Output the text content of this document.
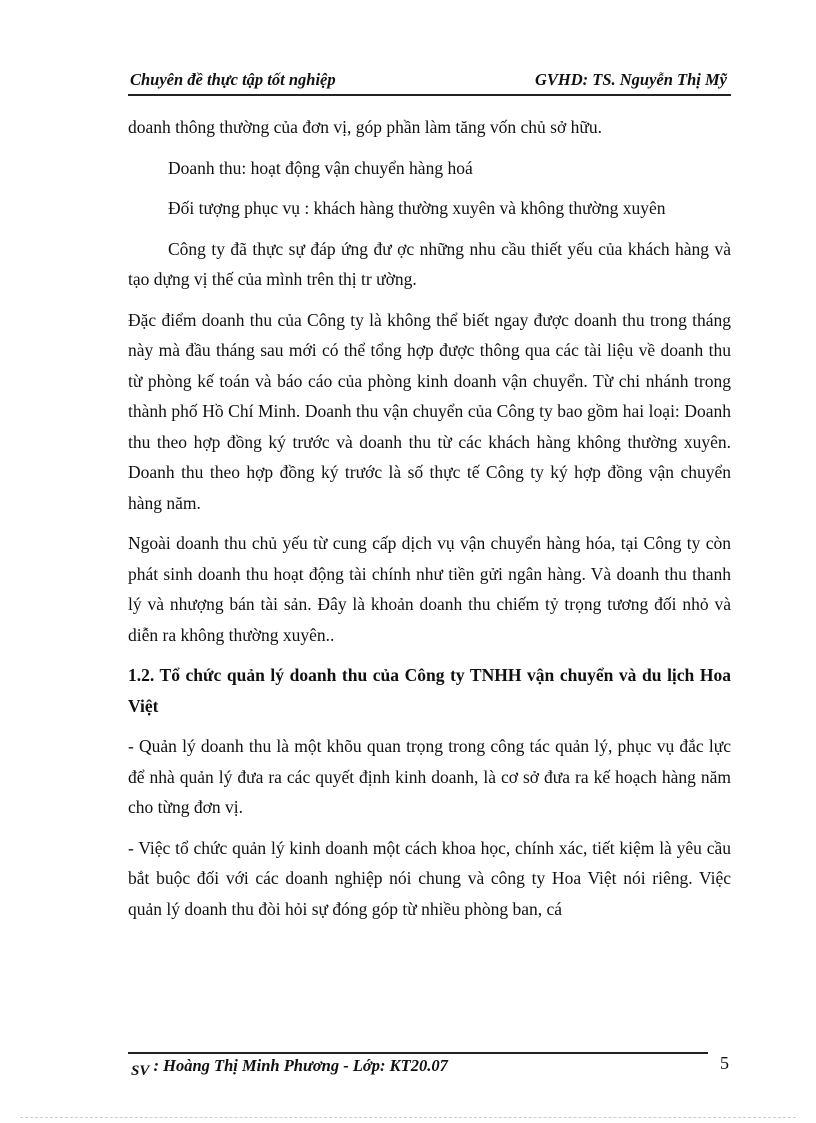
Chuyên đề thực tập tốt nghiệp	GVHD: TS. Nguyễn Thị Mỹ

doanh thông thường của đơn vị, góp phần làm tăng vốn chủ sở hữu.

Doanh thu: hoạt động vận chuyển hàng hoá

Đối tượng phục vụ : khách hàng thường xuyên và không thường xuyên

Công ty đã thực sự đáp ứng đư ợc những nhu cầu thiết yếu của khách hàng và tạo dựng vị thế của mình trên thị tr ường.

Đặc điểm doanh thu của Công ty là không thể biết ngay được doanh thu trong tháng này mà đầu tháng sau mới có thể tổng hợp được thông qua các tài liệu về doanh thu từ phòng kế toán và báo cáo của phòng kinh doanh vận chuyển. Từ chi nhánh trong thành phố Hồ Chí Minh. Doanh thu vận chuyển của Công ty bao gồm hai loại: Doanh thu theo hợp đồng ký trước và doanh thu từ các khách hàng không thường xuyên. Doanh thu theo hợp đồng ký trước là số thực tế Công ty ký hợp đồng vận chuyển hàng năm.

Ngoài doanh thu chủ yếu từ cung cấp dịch vụ vận chuyển hàng hóa, tại Công ty còn phát sinh doanh thu hoạt động tài chính như tiền gửi ngân hàng. Và doanh thu thanh lý và nhượng bán tài sản. Đây là khoản doanh thu chiếm tỷ trọng tương đối nhỏ và diễn ra không thường xuyên..

1.2. Tổ chức quản lý doanh thu của Công ty TNHH vận chuyển và du lịch Hoa Việt

- Quản lý doanh thu là một khõu quan trọng trong công tác quản lý, phục vụ đắc lực để nhà quản lý đưa ra các quyết định kinh doanh, là cơ sở đưa ra kế hoạch hàng năm cho từng đơn vị.

- Việc tổ chức quản lý kinh doanh một cách khoa học, chính xác, tiết kiệm là yêu cầu bắt buộc đối với các doanh nghiệp nói chung và công ty Hoa Việt nói riêng. Việc quản lý doanh thu đòi hỏi sự đóng góp từ nhiều phòng ban, cá

SV : Hoàng Thị Minh Phương - Lớp: KT20.07	5
